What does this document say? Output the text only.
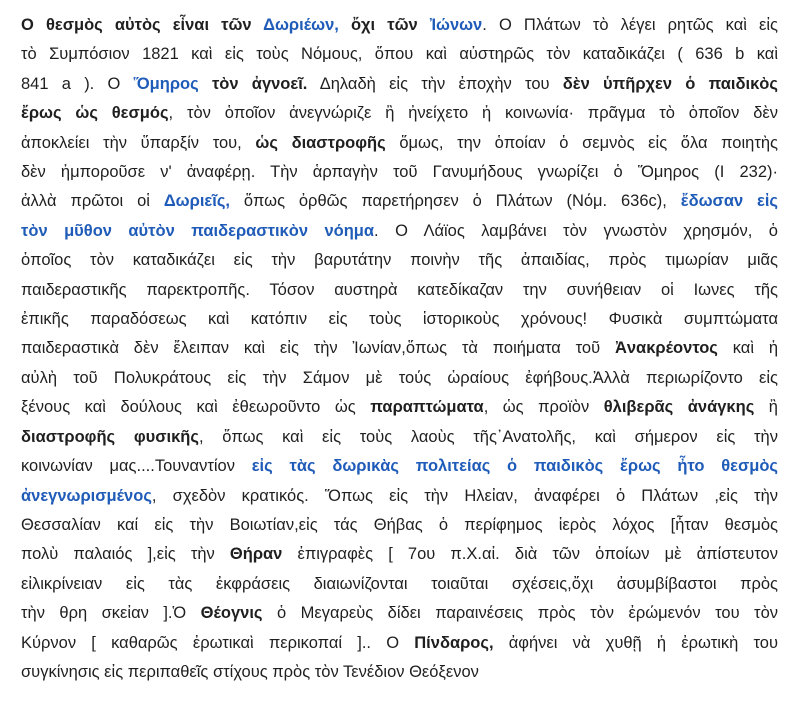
Ο θεσμὸς αὐτὸς εἶναι τῶν Δωριέων, ὄχι τῶν Ἰώνων. Ο Πλάτων τὸ λέγει ρητῶς καὶ εἰς
τὸ Συμπόσιον 1821 καὶ εἰς τοὺς Νόμους, ὅπου καὶ αὐστηρῶς τὸν καταδικάζει ( 636 b καὶ
841 a ). Ο Ὅμηρος τὸν ἀγνοεῖ. Δηλαδὴ εἰς τὴν ἐποχὴν του δὲν ὑπῆρχεν ὁ παιδικὸς
ἔρως ὡς θεσμός, τὸν ὁποῖον ἀνεγνώριζε ἢ ἠνείχετο ἡ κοινωνία· πρᾶγμα τὸ ὁποῖον δὲν
ἀποκλείει τὴν ὕπαρξίν του, ὡς διαστροφῆς ὅμως, την ὁποίαν ὁ σεμνὸς εἰς ὅλα ποιητὴς
δὲν ἠμποροῦσε ν' ἀναφέρῃ. Τὴν ἁρπαγὴν τοῦ Γανυμήδους γνωρίζει ὁ Ὅμηρος (I 232)·
ἀλλὰ πρῶτοι οἱ Δωριεῖς, ὅπως ὀρθῶς παρετήρησεν ὁ Πλάτων (Νόμ. 636c), ἔδωσαν εἰς
τὸν μῦθον αὐτὸν παιδεραστικὸν νόημα. Ο Λάϊος λαμβάνει τὸν γνωστὸν χρησμόν, ὁ
ὁποῖος τὸν καταδικάζει εἰς τὴν βαρυτάτην ποινὴν τῆς ἀπαιδίας, πρὸς τιμωρίαν μιᾶς
παιδεραστικῆς παρεκτροπῆς. Τόσον αυστηρὰ κατεδίκαζαν την συνήθειαν οἱ Ιωνες τῆς
ἐπικῆς παραδόσεως καὶ κατόπιν εἰς τοὺς ἱστορικοὺς χρόνους! Φυσικὰ συμπτώματα
παιδεραστικὰ δὲν ἔλειπαν καὶ εἰς τὴν Ἰωνίαν,ὅπως τὰ ποιήματα τοῦ Ἀνακρέοντος καὶ ἡ
αὐλὴ τοῦ Πολυκράτους εἰς τὴν Σάμον μὲ τούς ὡραίους ἐφήβους.Ἀλλὰ περιωρίζοντο εἰς
ξένους καὶ δούλους καὶ ἐθεωροῦντο ὡς παραπτώματα, ὡς προϊὸν θλιβερᾶς ἀνάγκης ἢ
διαστροφῆς φυσικῆς, ὅπως καὶ εἰς τοὺς λαοὺς τῆς᾽Ανατολῆς, καὶ σήμερον εἰς τὴν
κοινωνίαν μας....Τουναντίον εἰς τὰς δωρικὰς πολιτείας ὁ παιδικὸς ἔρως ἦτο θεσμὸς
ἀνεγνωρισμένος, σχεδὸν κρατικός. Ὅπως εἰς τὴν Ηλεἰαν, ἀναφέρει ὁ Πλάτων ,εἰς τὴν
Θεσσαλίαν καί εἰς τὴν Βοιωτίαν,εἰς τάς Θήβας ὁ περίφημος ἱερὸς λόχος [ἦταν θεσμὸς
πολὺ παλαιός ],εἰς τὴν Θήραν ἐπιγραφὲς [ 7ου π.Χ.αἰ. διὰ τῶν ὁποίων μὲ ἀπίστευτον
εἰλικρίνειαν εἰς τὰς ἐκφράσεις διαιωνίζονται τοιαῦται σχέσεις,ὄχι ἀσυμβίβαστοι πρὸς
τὴν θρη σκεἰαν ].Ὁ Θέογνις ὁ Μεγαρεὺς δίδει παραινέσεις πρὸς τὸν ἐρώμενόν του τὸν
Κύρνον [ καθαρῶς ἐρωτικαὶ περικοπαί ].. Ο Πίνδαρος, ἀφήνει νὰ χυθῇ ἡ ἐρωτικὴ του
συγκίνησις εἰς περιπαθεῖς στίχους πρὸς τὸν Τενέδιον Θεόξενον
